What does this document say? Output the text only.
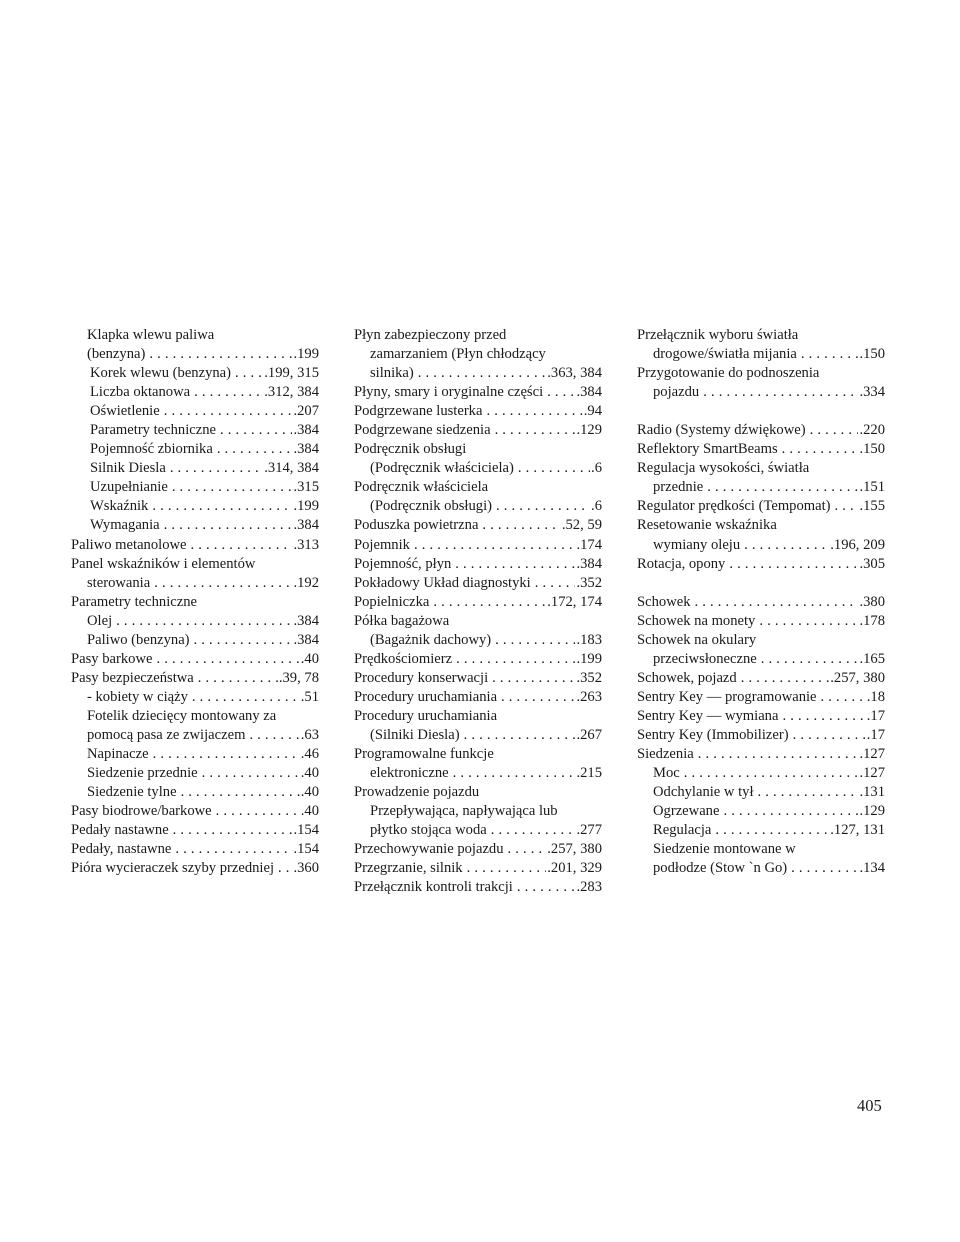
Klapka wlewu paliwa
(benzyna) .....	.199
Korek wlewu (benzyna) ..... .199, 315
Liczba oktanowa .....	.312, 384
Oświetlenie .....	.207
Parametry techniczne .....	.384
Pojemność zbiornika .....	.384
Silnik Diesla .....	.314, 384
Uzupełnianie .....	.315
Wskaźnik .....	.199
Wymagania .....	.384
Paliwo metanolowe .....	.313
Panel wskaźników i elementów
sterowania .....	.192
Parametry techniczne
Olej .....	.384
Paliwo (benzyna) .....	.384
Pasy barkowe .....	.40
Pasy bezpieczeństwa .....	.39, 78
- kobiety w ciąży .....	.51
Fotelik dziecięcy montowany za
pomocą pasa ze zwijaczem .....	.63
Napinacze .....	.46
Siedzenie przednie .....	.40
Siedzenie tylne .....	.40
Pasy biodrowe/barkowe .....	.40
Pedały nastawne .....	.154
Pedały, nastawne .....	.154
Pióra wycieraczek szyby przedniej ..... .360
Płyn zabezpieczony przed
zamarzaniem (Płyn chłodzący
silnika) .....	.363, 384
Płyny, smary i oryginalne części ..... .384
Podgrzewane lusterka .....	.94
Podgrzewane siedzenia .....	.129
Podręcznik obsługi
(Podręcznik właściciela) .....	.6
Podręcznik właściciela
(Podręcznik obsługi) .....	.6
Poduszka powietrzna .....	.52, 59
Pojemnik .....	.174
Pojemność, płyn .....	.384
Pokładowy Układ diagnostyki .....	.352
Popielniczka .....	.172, 174
Półka bagażowa
(Bagażnik dachowy) .....	.183
Prędkościomierz .....	.199
Procedury konserwacji .....	.352
Procedury uruchamiania .....	.263
Procedury uruchamiania
(Silniki Diesla) .....	.267
Programowalne funkcje
elektroniczne .....	.215
Prowadzenie pojazdu
Przepływająca, napływająca lub
płytko stojąca woda .....	.277
Przechowywanie pojazdu .....	.257, 380
Przegrzanie, silnik .....	.201, 329
Przełącznik kontroli trakcji .....	.283
Przełącznik wyboru światła
drogowe/światła mijania .....	.150
Przygotowanie do podnoszenia
pojazdu .....	.334
Radio (Systemy dźwiękowe) .....	.220
Reflektory SmartBeams .....	.150
Regulacja wysokości, światła
przednie .....	.151
Regulator prędkości (Tempomat) ..... .155
Resetowanie wskaźnika
wymiany oleju .....	.196, 209
Rotacja, opony .....	.305
Schowek .....	.380
Schowek na monety .....	.178
Schowek na okulary
przeciwsłoneczne .....	.165
Schowek, pojazd .....	.257, 380
Sentry Key — programowanie .....	.18
Sentry Key — wymiana .....	.17
Sentry Key (Immobilizer) .....	.17
Siedzenia .....	.127
Moc .....	.127
Odchylanie w tył .....	.131
Ogrzewane .....	.129
Regulacja .....	.127, 131
Siedzenie montowane w
podłodze (Stow `n Go) .....	.134
405
